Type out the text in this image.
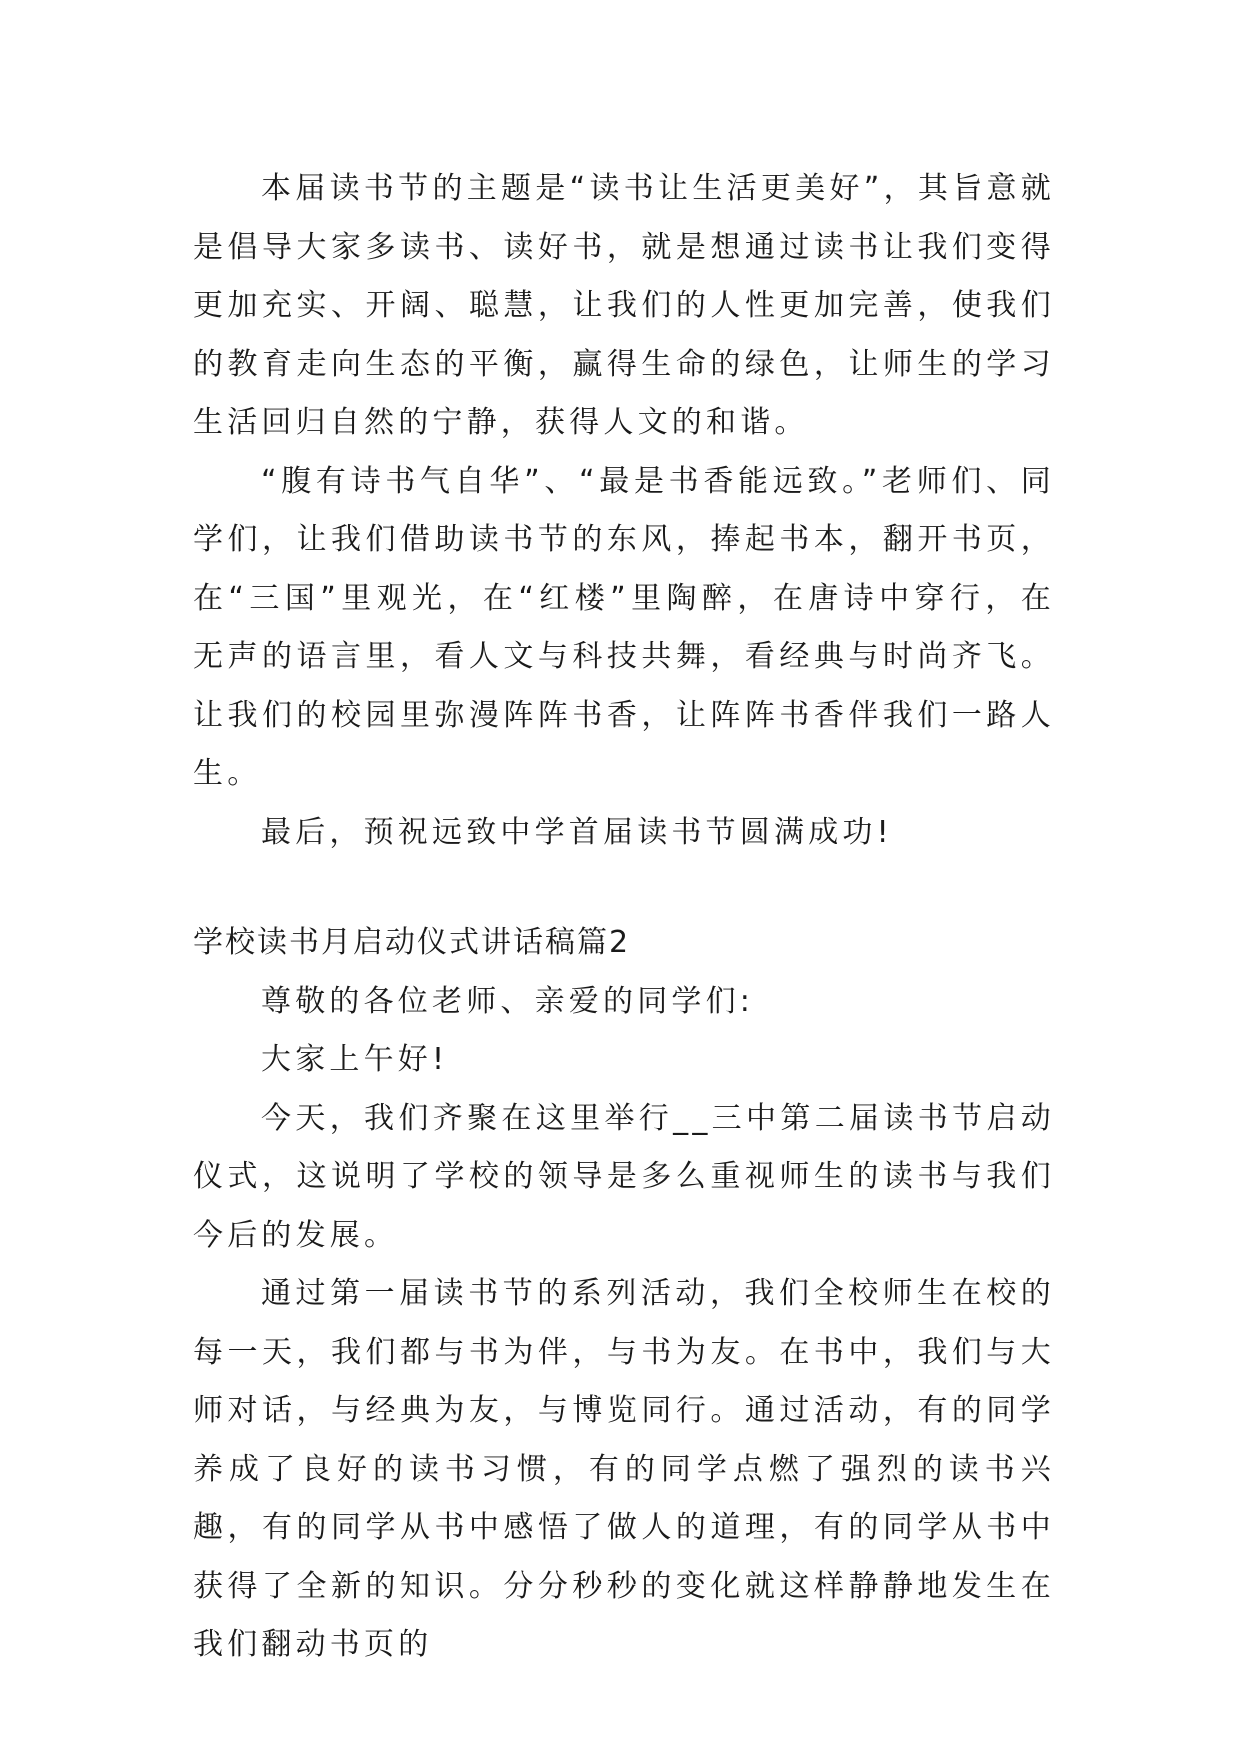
本届读书节的主题是“读书让生活更美好”，其旨意就是倡导大家多读书、读好书，就是想通过读书让我们变得更加充实、开阔、聪慧，让我们的人性更加完善，使我们的教育走向生态的平衡，赢得生命的绿色，让师生的学习生活回归自然的宁静，获得人文的和谐。

“腹有诗书气自华”、“最是书香能远致。”老师们、同学们，让我们借助读书节的东风，捧起书本，翻开书页，在“三国”里观光，在“红楼”里陶醉，在唐诗中穿行，在无声的语言里，看人文与科技共舞，看经典与时尚齐飞。让我们的校园里弥漫阵阵书香，让阵阵书香伴我们一路人生。

最后，预祝远致中学首届读书节圆满成功!

学校读书月启动仪式讲话稿篇2

尊敬的各位老师、亲爱的同学们:

大家上午好!

今天，我们齐聚在这里举行__三中第二届读书节启动仪式，这说明了学校的领导是多么重视师生的读书与我们今后的发展。

通过第一届读书节的系列活动，我们全校师生在校的每一天，我们都与书为伴，与书为友。在书中，我们与大师对话，与经典为友，与博览同行。通过活动，有的同学养成了良好的读书习惯，有的同学点燃了强烈的读书兴趣，有的同学从书中感悟了做人的道理，有的同学从书中获得了全新的知识。分分秒秒的变化就这样静静地发生在我们翻动书页的
